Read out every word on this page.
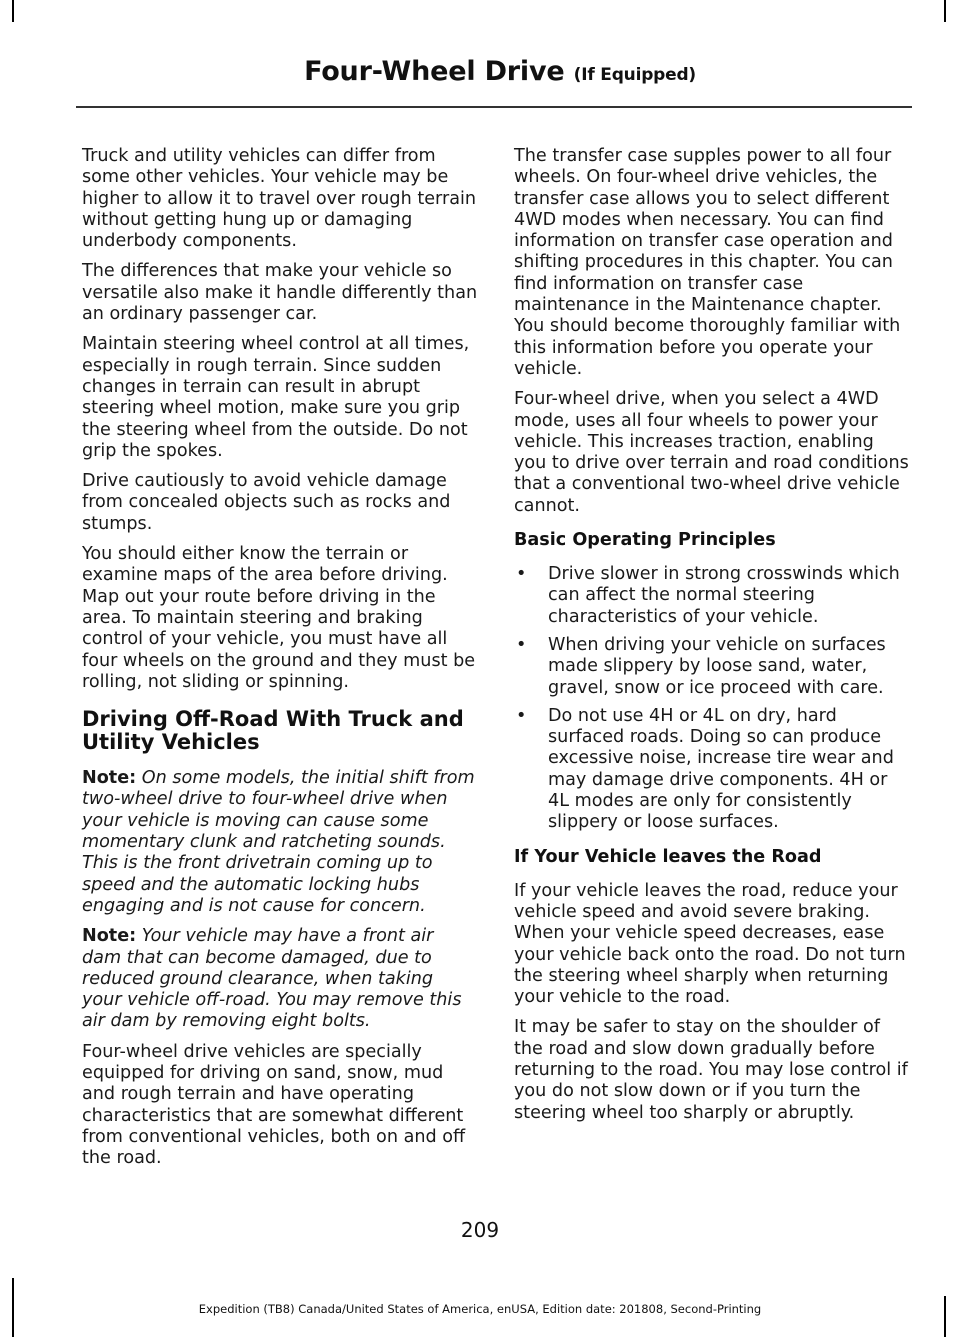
Four-Wheel Drive (If Equipped)

Truck and utility vehicles can differ from some other vehicles. Your vehicle may be higher to allow it to travel over rough terrain without getting hung up or damaging underbody components.

The differences that make your vehicle so versatile also make it handle differently than an ordinary passenger car.

Maintain steering wheel control at all times, especially in rough terrain. Since sudden changes in terrain can result in abrupt steering wheel motion, make sure you grip the steering wheel from the outside. Do not grip the spokes.

Drive cautiously to avoid vehicle damage from concealed objects such as rocks and stumps.

You should either know the terrain or examine maps of the area before driving. Map out your route before driving in the area. To maintain steering and braking control of your vehicle, you must have all four wheels on the ground and they must be rolling, not sliding or spinning.

Driving Off-Road With Truck and Utility Vehicles

Note: On some models, the initial shift from two-wheel drive to four-wheel drive when your vehicle is moving can cause some momentary clunk and ratcheting sounds. This is the front drivetrain coming up to speed and the automatic locking hubs engaging and is not cause for concern.

Note: Your vehicle may have a front air dam that can become damaged, due to reduced ground clearance, when taking your vehicle off-road. You may remove this air dam by removing eight bolts.

Four-wheel drive vehicles are specially equipped for driving on sand, snow, mud and rough terrain and have operating characteristics that are somewhat different from conventional vehicles, both on and off the road.

The transfer case supples power to all four wheels. On four-wheel drive vehicles, the transfer case allows you to select different 4WD modes when necessary. You can find information on transfer case operation and shifting procedures in this chapter. You can find information on transfer case maintenance in the Maintenance chapter. You should become thoroughly familiar with this information before you operate your vehicle.

Four-wheel drive, when you select a 4WD mode, uses all four wheels to power your vehicle. This increases traction, enabling you to drive over terrain and road conditions that a conventional two-wheel drive vehicle cannot.

Basic Operating Principles
• Drive slower in strong crosswinds which can affect the normal steering characteristics of your vehicle.
• When driving your vehicle on surfaces made slippery by loose sand, water, gravel, snow or ice proceed with care.
• Do not use 4H or 4L on dry, hard surfaced roads. Doing so can produce excessive noise, increase tire wear and may damage drive components. 4H or 4L modes are only for consistently slippery or loose surfaces.
If Your Vehicle leaves the Road

If your vehicle leaves the road, reduce your vehicle speed and avoid severe braking. When your vehicle speed decreases, ease your vehicle back onto the road. Do not turn the steering wheel sharply when returning your vehicle to the road.

It may be safer to stay on the shoulder of the road and slow down gradually before returning to the road. You may lose control if you do not slow down or if you turn the steering wheel too sharply or abruptly.

209
Expedition (TB8) Canada/United States of America, enUSA, Edition date: 201808, Second-Printing
